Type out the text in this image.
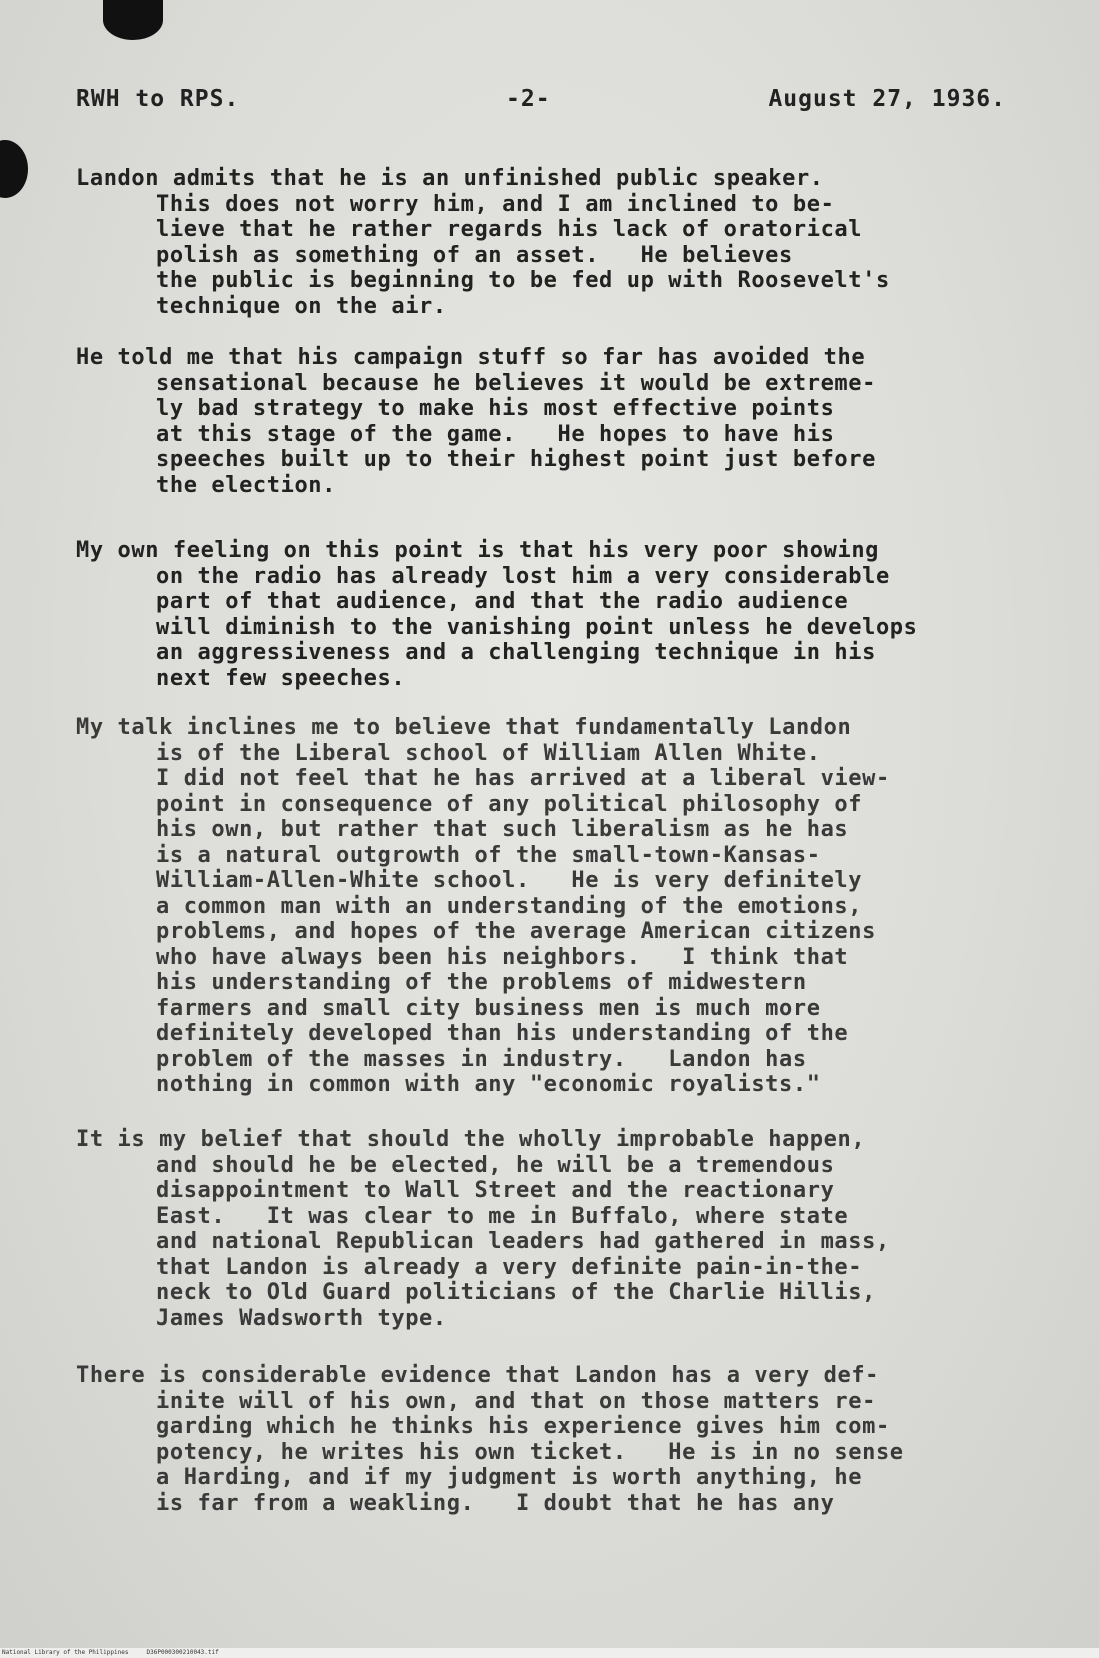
RWH to RPS.	-2-	August 27, 1936.
Landon admits that he is an unfinished public speaker.
This does not worry him, and I am inclined to be-
lieve that he rather regards his lack of oratorical
polish as something of an asset.   He believes
the public is beginning to be fed up with Roosevelt's
technique on the air.
He told me that his campaign stuff so far has avoided the
sensational because he believes it would be extreme-
ly bad strategy to make his most effective points
at this stage of the game.   He hopes to have his
speeches built up to their highest point just before
the election.
My own feeling on this point is that his very poor showing
on the radio has already lost him a very considerable
part of that audience, and that the radio audience
will diminish to the vanishing point unless he develops
an aggressiveness and a challenging technique in his
next few speeches.
My talk inclines me to believe that fundamentally Landon
is of the Liberal school of William Allen White.
I did not feel that he has arrived at a liberal view-
point in consequence of any political philosophy of
his own, but rather that such liberalism as he has
is a natural outgrowth of the small-town-Kansas-
William-Allen-White school.   He is very definitely
a common man with an understanding of the emotions,
problems, and hopes of the average American citizens
who have always been his neighbors.   I think that
his understanding of the problems of midwestern
farmers and small city business men is much more
definitely developed than his understanding of the
problem of the masses in industry.   Landon has
nothing in common with any "economic royalists."
It is my belief that should the wholly improbable happen,
and should he be elected, he will be a tremendous
disappointment to Wall Street and the reactionary
East.   It was clear to me in Buffalo, where state
and national Republican leaders had gathered in mass,
that Landon is already a very definite pain-in-the-
neck to Old Guard politicians of the Charlie Hillis,
James Wadsworth type.
There is considerable evidence that Landon has a very def-
inite will of his own, and that on those matters re-
garding which he thinks his experience gives him com-
potency, he writes his own ticket.   He is in no sense
a Harding, and if my judgment is worth anything, he
is far from a weakling.   I doubt that he has any
National Library of the Philippines     D36P000300210043.tif
